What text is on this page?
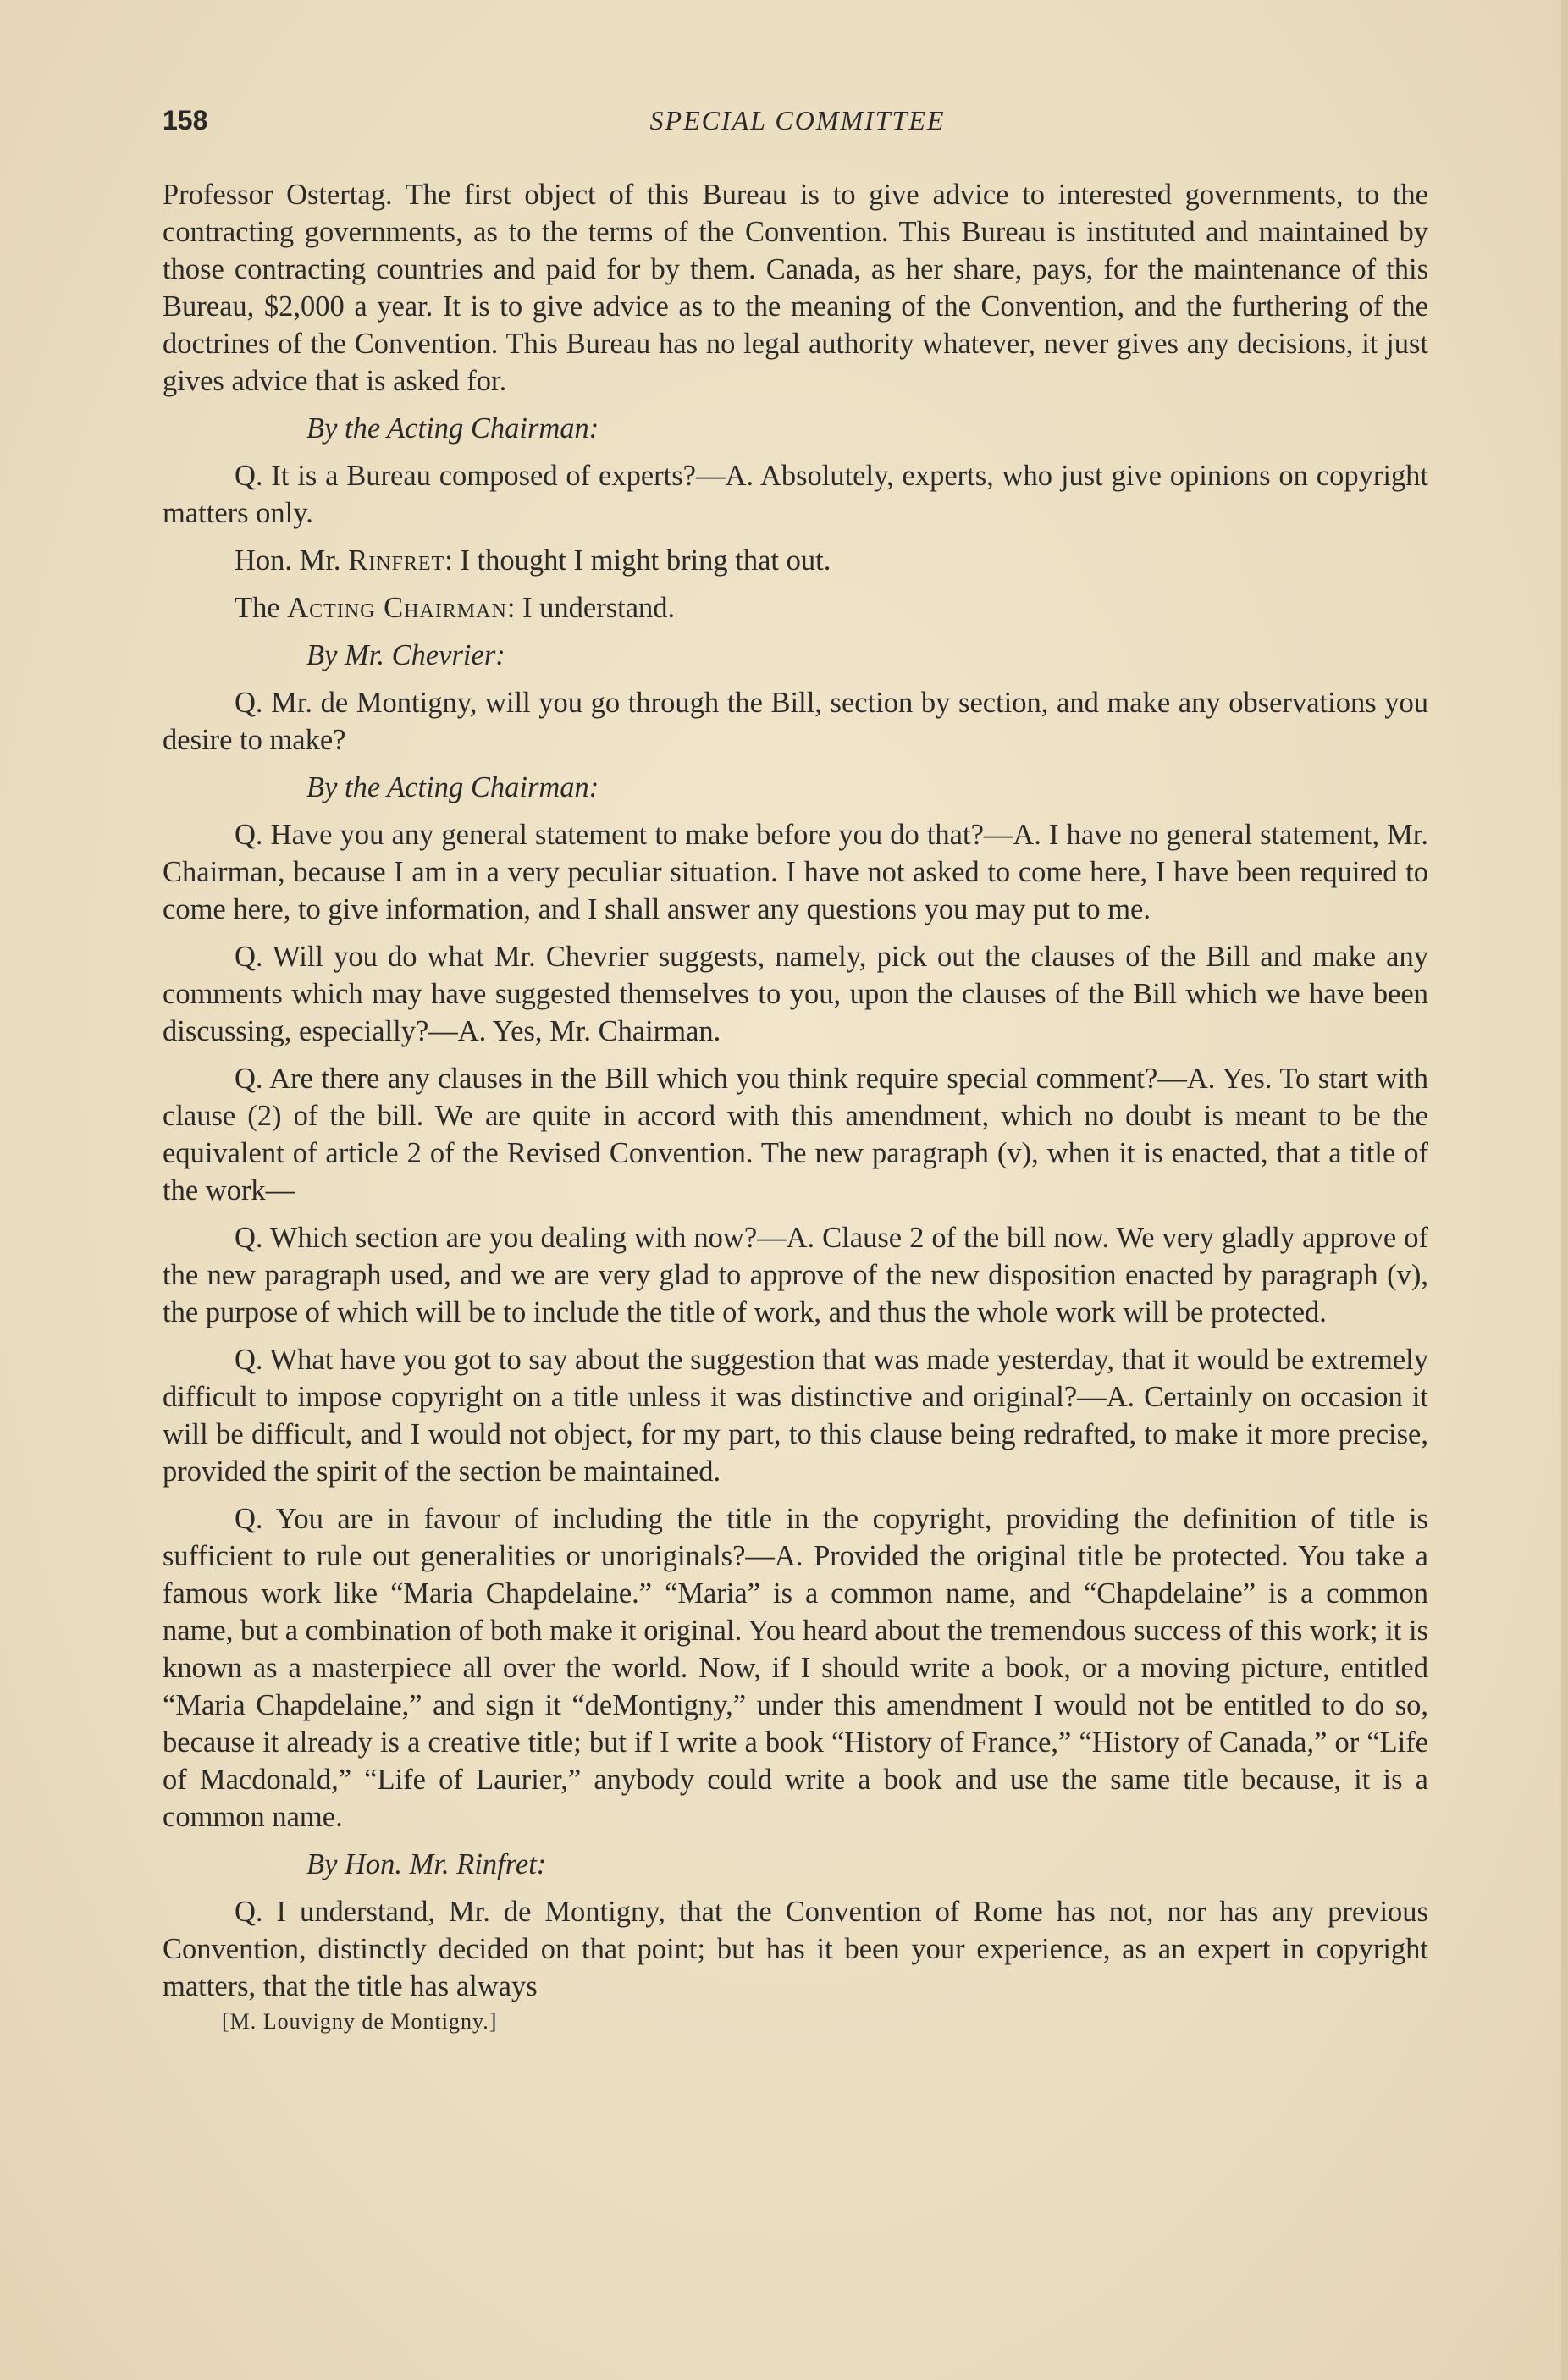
158	SPECIAL COMMITTEE

Professor Ostertag. The first object of this Bureau is to give advice to interested governments, to the contracting governments, as to the terms of the Convention. This Bureau is instituted and maintained by those contracting countries and paid for by them. Canada, as her share, pays, for the maintenance of this Bureau, $2,000 a year. It is to give advice as to the meaning of the Convention, and the furthering of the doctrines of the Convention. This Bureau has no legal authority whatever, never gives any decisions, it just gives advice that is asked for.

By the Acting Chairman:

Q. It is a Bureau composed of experts?—A. Absolutely, experts, who just give opinions on copyright matters only.

Hon. Mr. Rinfret: I thought I might bring that out.

The Acting Chairman: I understand.

By Mr. Chevrier:

Q. Mr. de Montigny, will you go through the Bill, section by section, and make any observations you desire to make?

By the Acting Chairman:

Q. Have you any general statement to make before you do that?—A. I have no general statement, Mr. Chairman, because I am in a very peculiar situation. I have not asked to come here, I have been required to come here, to give information, and I shall answer any questions you may put to me.

Q. Will you do what Mr. Chevrier suggests, namely, pick out the clauses of the Bill and make any comments which may have suggested themselves to you, upon the clauses of the Bill which we have been discussing, especially?—A. Yes, Mr. Chairman.

Q. Are there any clauses in the Bill which you think require special comment?—A. Yes. To start with clause (2) of the bill. We are quite in accord with this amendment, which no doubt is meant to be the equivalent of article 2 of the Revised Convention. The new paragraph (v), when it is enacted, that a title of the work—

Q. Which section are you dealing with now?—A. Clause 2 of the bill now. We very gladly approve of the new paragraph used, and we are very glad to approve of the new disposition enacted by paragraph (v), the purpose of which will be to include the title of work, and thus the whole work will be protected.

Q. What have you got to say about the suggestion that was made yesterday, that it would be extremely difficult to impose copyright on a title unless it was distinctive and original?—A. Certainly on occasion it will be difficult, and I would not object, for my part, to this clause being redrafted, to make it more precise, provided the spirit of the section be maintained.

Q. You are in favour of including the title in the copyright, providing the definition of title is sufficient to rule out generalities or unoriginals?—A. Provided the original title be protected. You take a famous work like “Maria Chapdelaine.” “Maria” is a common name, and “Chapdelaine” is a common name, but a combination of both make it original. You heard about the tremendous success of this work; it is known as a masterpiece all over the world. Now, if I should write a book, or a moving picture, entitled “Maria Chapdelaine,” and sign it “deMontigny,” under this amendment I would not be entitled to do so, because it already is a creative title; but if I write a book “History of France,” “History of Canada,” or “Life of Macdonald,” “Life of Laurier,” anybody could write a book and use the same title because, it is a common name.

By Hon. Mr. Rinfret:

Q. I understand, Mr. de Montigny, that the Convention of Rome has not, nor has any previous Convention, distinctly decided on that point; but has it been your experience, as an expert in copyright matters, that the title has always

[M. Louvigny de Montigny.]
